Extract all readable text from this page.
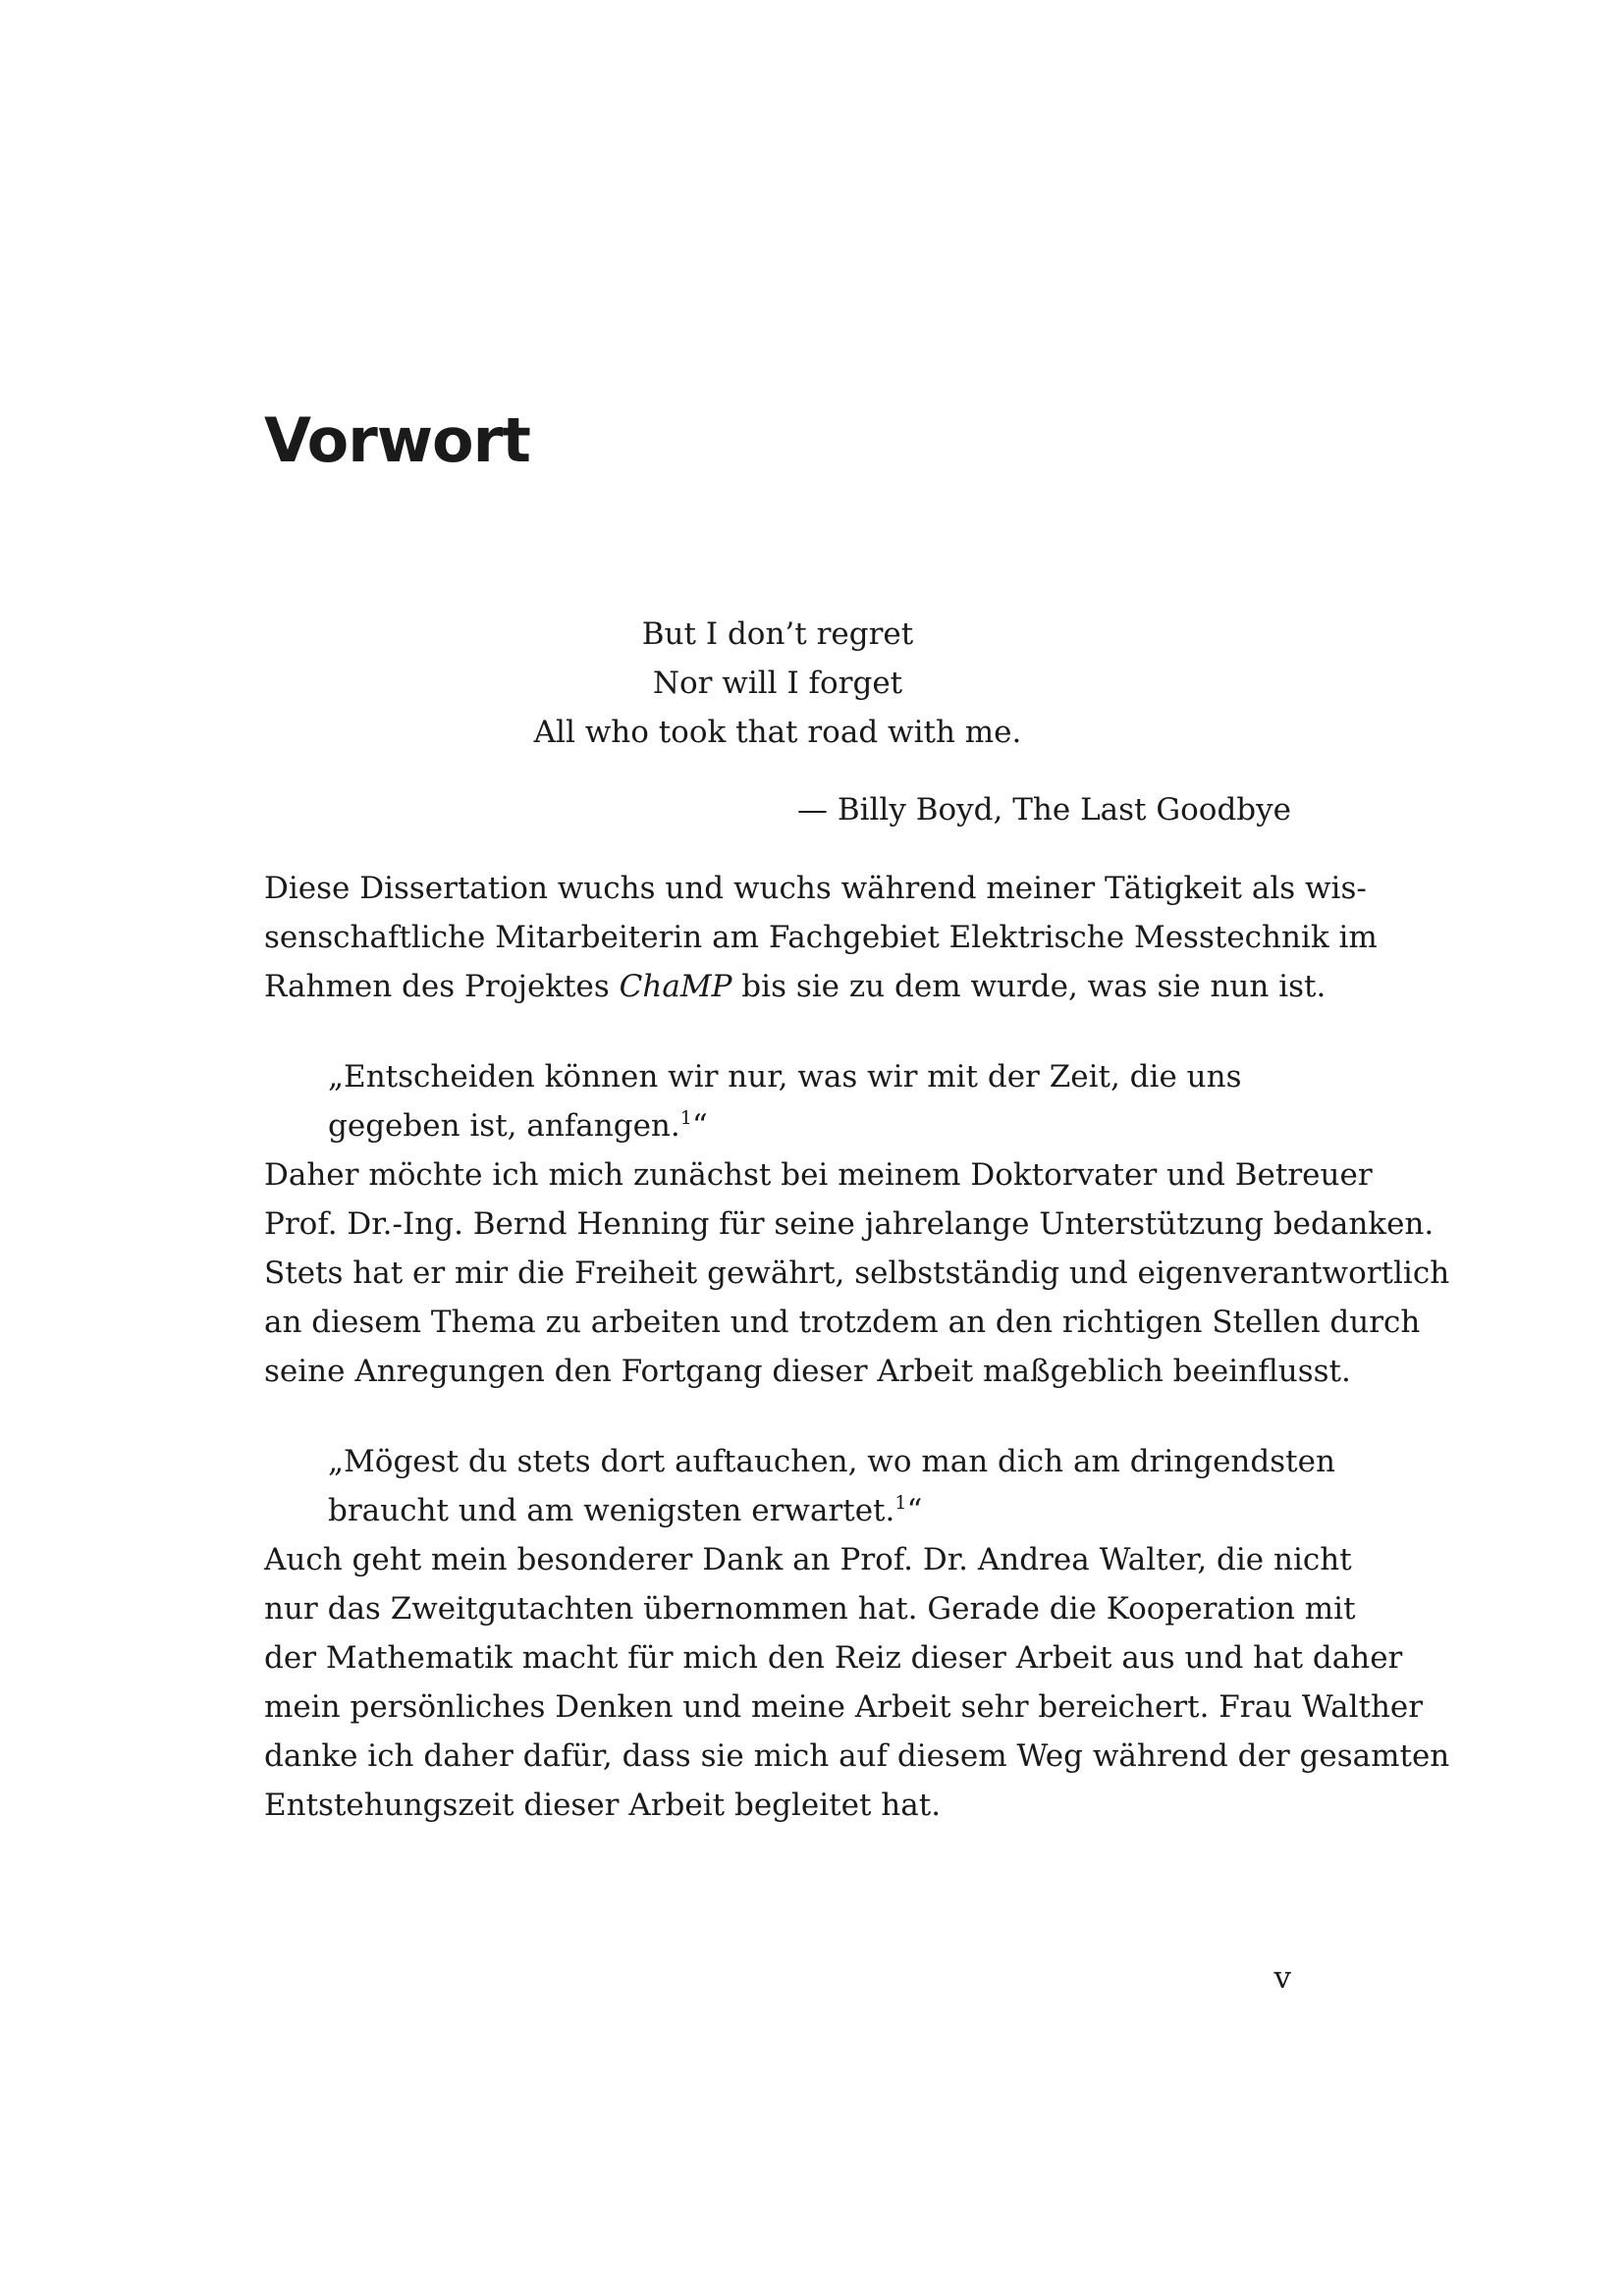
Vorwort
But I don’t regret
Nor will I forget
All who took that road with me.
— Billy Boyd, The Last Goodbye
Diese Dissertation wuchs und wuchs während meiner Tätigkeit als wis-
senschaftliche Mitarbeiterin am Fachgebiet Elektrische Messtechnik im
Rahmen des Projektes ChaMP bis sie zu dem wurde, was sie nun ist.
„Entscheiden können wir nur, was wir mit der Zeit, die uns
gegeben ist, anfangen.$^1$“
Daher möchte ich mich zunächst bei meinem Doktorvater und Betreuer
Prof. Dr.-Ing. Bernd Henning für seine jahrelange Unterstützung bedanken.
Stets hat er mir die Freiheit gewährt, selbstständig und eigenverantwortlich
an diesem Thema zu arbeiten und trotzdem an den richtigen Stellen durch
seine Anregungen den Fortgang dieser Arbeit maßgeblich beeinflusst.
„Mögest du stets dort auftauchen, wo man dich am dringendsten
braucht und am wenigsten erwartet.$^1$“
Auch geht mein besonderer Dank an Prof. Dr. Andrea Walter, die nicht
nur das Zweitgutachten übernommen hat. Gerade die Kooperation mit
der Mathematik macht für mich den Reiz dieser Arbeit aus und hat daher
mein persönliches Denken und meine Arbeit sehr bereichert. Frau Walther
danke ich daher dafür, dass sie mich auf diesem Weg während der gesamten
Entstehungszeit dieser Arbeit begleitet hat.
v
